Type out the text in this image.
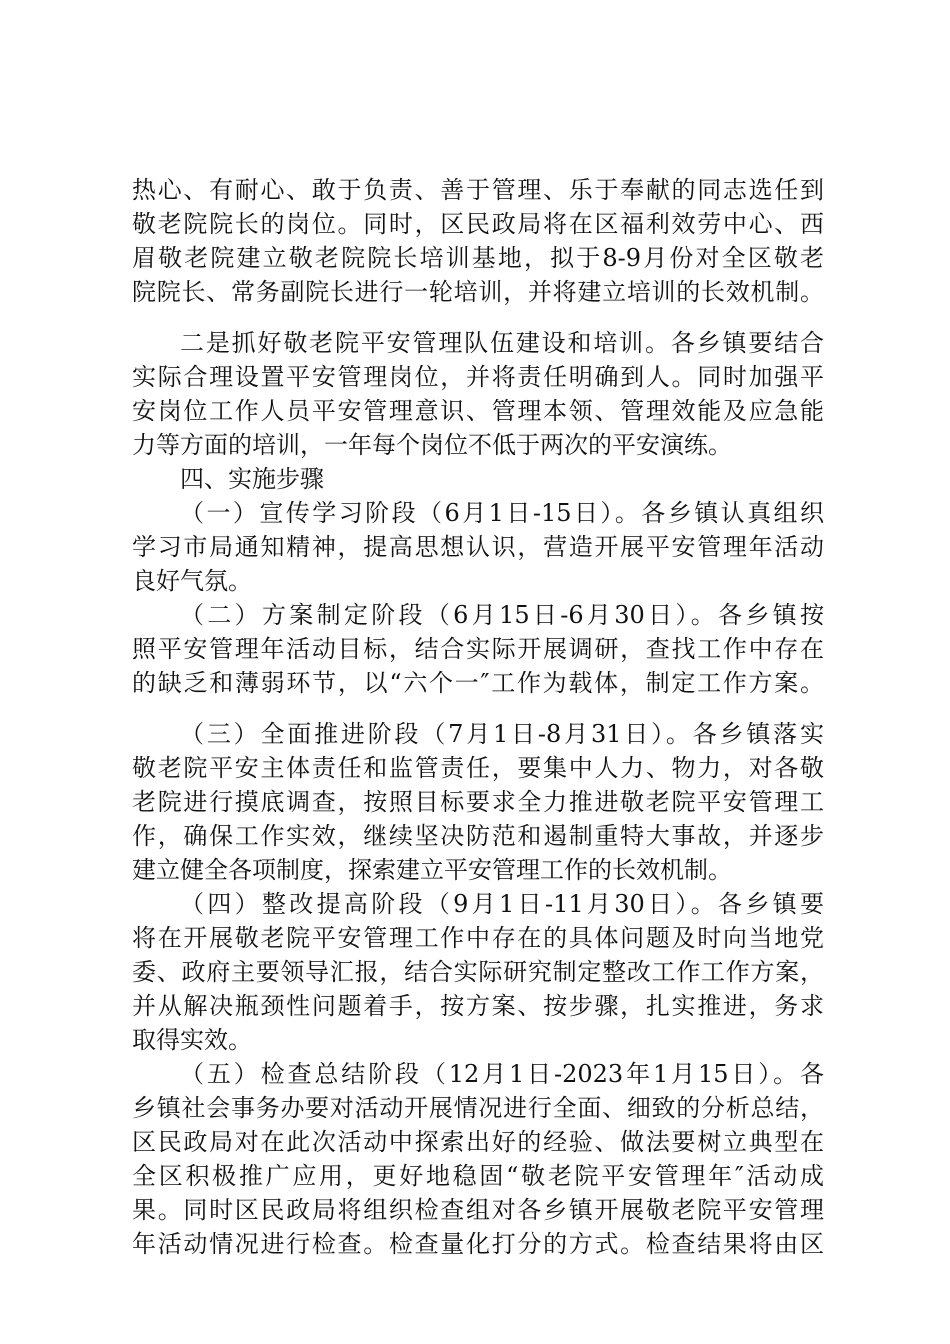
热心、有耐心、敢于负责、善于管理、乐于奉献的同志选任到
敬老院院长的岗位。同时，区民政局将在区福利效劳中心、西
眉敬老院建立敬老院院长培训基地，拟于8-9月份对全区敬老
院院长、常务副院长进行一轮培训，并将建立培训的长效机制。
二是抓好敬老院平安管理队伍建设和培训。各乡镇要结合
实际合理设置平安管理岗位，并将责任明确到人。同时加强平
安岗位工作人员平安管理意识、管理本领、管理效能及应急能
力等方面的培训，一年每个岗位不低于两次的平安演练。
四、实施步骤
（一）宣传学习阶段（6月1日-15日）。各乡镇认真组织
学习市局通知精神，提高思想认识，营造开展平安管理年活动
良好气氛。
（二）方案制定阶段（6月15日-6月30日）。各乡镇按
照平安管理年活动目标，结合实际开展调研，查找工作中存在
的缺乏和薄弱环节，以“六个一″工作为载体，制定工作方案。
（三）全面推进阶段（7月1日-8月31日）。各乡镇落实
敬老院平安主体责任和监管责任，要集中人力、物力，对各敬
老院进行摸底调查，按照目标要求全力推进敬老院平安管理工
作，确保工作实效，继续坚决防范和遏制重特大事故，并逐步
建立健全各项制度，探索建立平安管理工作的长效机制。
（四）整改提高阶段（9月1日-11月30日）。各乡镇要
将在开展敬老院平安管理工作中存在的具体问题及时向当地党
委、政府主要领导汇报，结合实际研究制定整改工作工作方案，
并从解决瓶颈性问题着手，按方案、按步骤，扎实推进，务求
取得实效。
（五）检查总结阶段（12月1日-2023年1月15日）。各
乡镇社会事务办要对活动开展情况进行全面、细致的分析总结，
区民政局对在此次活动中探索出好的经验、做法要树立典型在
全区积极推广应用，更好地稳固“敬老院平安管理年″活动成
果。同时区民政局将组织检查组对各乡镇开展敬老院平安管理
年活动情况进行检查。检查量化打分的方式。检查结果将由区
